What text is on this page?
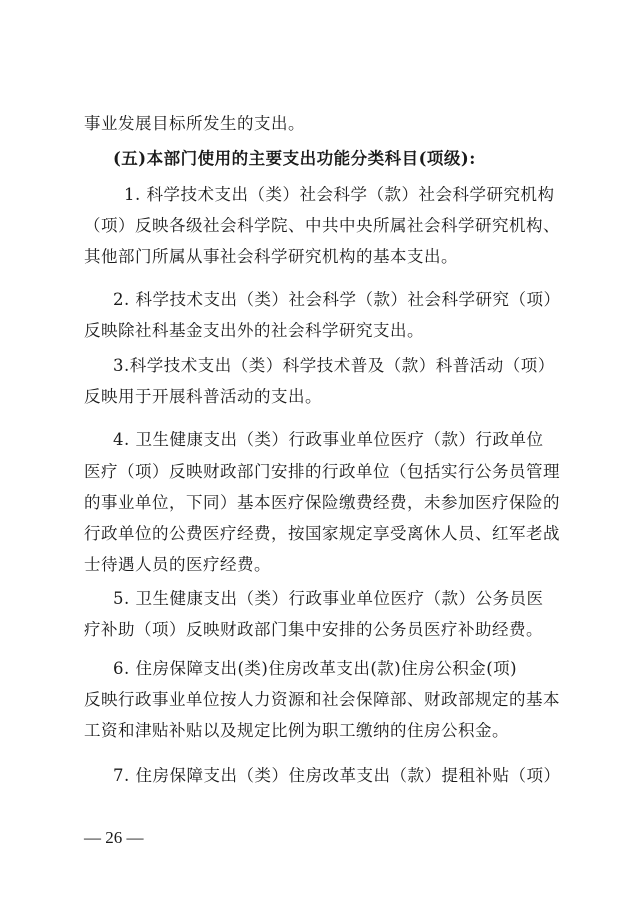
事业发展目标所发生的支出。
(五)本部门使用的主要支出功能分类科目(项级):
1. 科学技术支出（类）社会科学（款）社会科学研究机构
（项）反映各级社会科学院、中共中央所属社会科学研究机构、
其他部门所属从事社会科学研究机构的基本支出。
2. 科学技术支出（类）社会科学（款）社会科学研究（项）
反映除社科基金支出外的社会科学研究支出。
3.科学技术支出（类）科学技术普及（款）科普活动（项）
反映用于开展科普活动的支出。
4. 卫生健康支出（类）行政事业单位医疗（款）行政单位
医疗（项）反映财政部门安排的行政单位（包括实行公务员管理
的事业单位，下同）基本医疗保险缴费经费，未参加医疗保险的
行政单位的公费医疗经费，按国家规定享受离休人员、红军老战
士待遇人员的医疗经费。
5. 卫生健康支出（类）行政事业单位医疗（款）公务员医
疗补助（项）反映财政部门集中安排的公务员医疗补助经费。
6. 住房保障支出(类)住房改革支出(款)住房公积金(项)
反映行政事业单位按人力资源和社会保障部、财政部规定的基本
工资和津贴补贴以及规定比例为职工缴纳的住房公积金。
7. 住房保障支出（类）住房改革支出（款）提租补贴（项）
— 26 —
